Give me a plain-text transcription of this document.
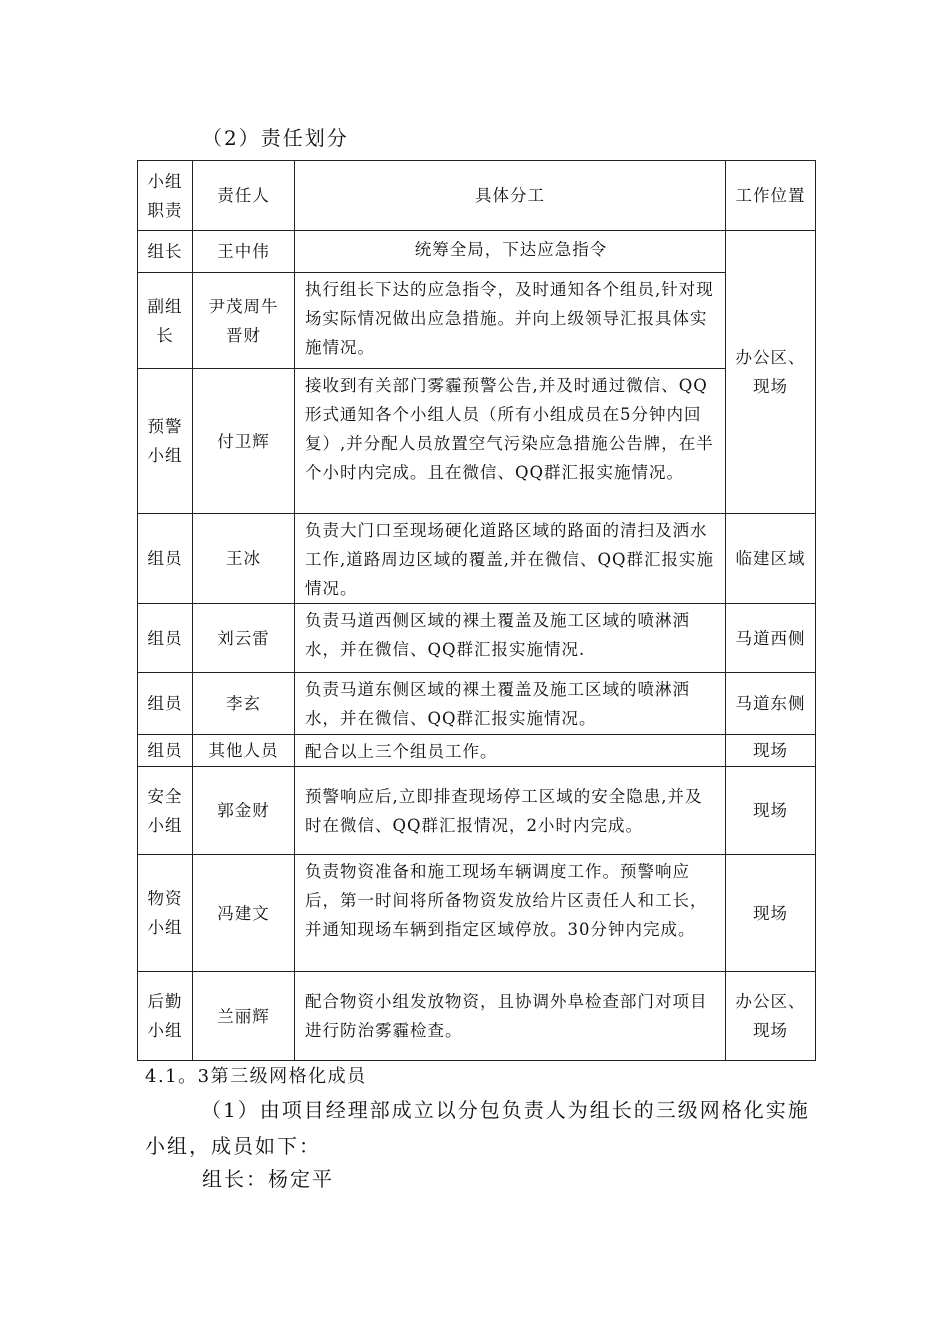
（2）责任划分
小组职责	责任人	具体分工	工作位置
组长	王中伟	统筹全局，下达应急指令	办公区、现场
副组长	尹茂周牛晋财	执行组长下达的应急指令，及时通知各个组员,针对现场实际情况做出应急措施。并向上级领导汇报具体实施情况。	
预警小组	付卫辉	接收到有关部门雾霾预警公告,并及时通过微信、QQ形式通知各个小组人员（所有小组成员在5分钟内回复）,并分配人员放置空气污染应急措施公告牌，在半个小时内完成。且在微信、QQ群汇报实施情况。	
组员	王冰	负责大门口至现场硬化道路区域的路面的清扫及洒水工作,道路周边区域的覆盖,并在微信、QQ群汇报实施情况。	临建区域
组员	刘云雷	负责马道西侧区域的裸土覆盖及施工区域的喷淋洒水，并在微信、QQ群汇报实施情况.	马道西侧
组员	李玄	负责马道东侧区域的裸土覆盖及施工区域的喷淋洒水，并在微信、QQ群汇报实施情况。	马道东侧
组员	其他人员	配合以上三个组员工作。	现场
安全小组	郭金财	预警响应后,立即排查现场停工区域的安全隐患,并及时在微信、QQ群汇报情况，2小时内完成。	现场
物资小组	冯建文	负责物资准备和施工现场车辆调度工作。预警响应后，第一时间将所备物资发放给片区责任人和工长，并通知现场车辆到指定区域停放。30分钟内完成。	现场
后勤小组	兰丽辉	配合物资小组发放物资，且协调外阜检查部门对项目进行防治雾霾检查。	办公区、现场
4.1。3第三级网格化成员
（1）由项目经理部成立以分包负责人为组长的三级网格化实施小组，成员如下：
组长：杨定平
